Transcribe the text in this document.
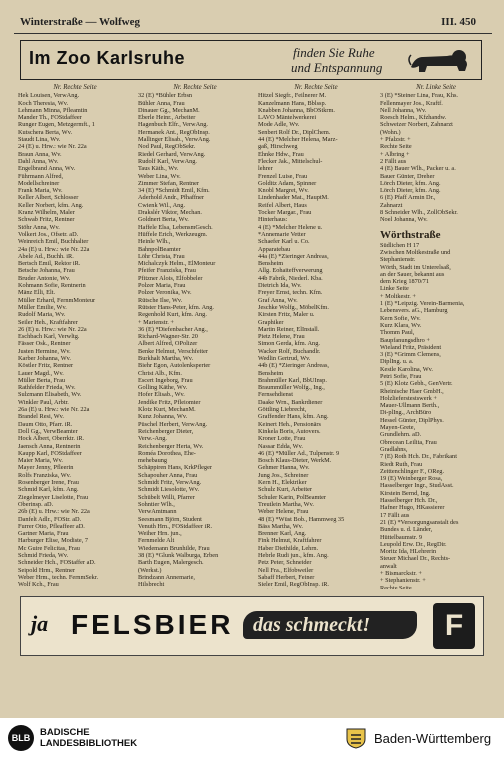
Winterstraße — Wolfweg	III. 450
Im Zoo Karlsruhe	finden Sie Ruhe
und Entspannung
Nr. Rechte Seite
Hek Louisen, VerwAng.
Koch Theresia, Wv.
Lehmann Minna, Pfleamtin
Mander Th., FOStdaffeer
Runger Eugen, Metzgermft., 1
Kutschera Berta, Wv.
Staudt Lina, Wv.
24 (E) u. Hrw.: wie Nr. 22a
Braun Anna, Wv.
Dahl Anna, Wv.
Engelbrand Anna, Wv.
Führmann Alfred,
Modellschreiner
Frank Maria, Wv.
Keller Albert, Schlosser
Keller Norbert, kfm. Ang.
Kranz Wilhelm, Maler
Schwab Fritz, Rentner
Stöhr Anna, Wv.
Volkert Jos., Ofsetr. aD.
Weinreich Emil, Buchhalter
24a (E) u. Hrw.: wie Nr. 22a
Abele Ad., Buchh. iR.
Bertsch Emil, Rektor iR.
Betsche Johanna, Frau
Bruder Antonie, Wv.
Kohmann Sofie, Rentnerin
Mänz Elli, Elt.
Müller Erhard, FernmMonteur
Müller Emilie, Wv.
Rudolf Maria, Wv.
Seiler Heh., Kraftfahrer
26 (E) u. Hrw.: wie Nr. 22a
Eschbach Karl, Verwltg.
Fässer Osk., Rentner
Justen Hermine, Wv.
Karber Johanna, Wv.
Köstler Fritz, Rentner
Lauer Magd., Wv.
Müller Berta, Frau
Rathfelder Frieda, Wv.
Sulzmann Elisabeth, Wv.
Winkler Paul, Arbtr.
26a (E) u. Hrw.: wie Nr. 22a
Brandel Resi, Wv.
Daum Otto, Pfarr. iR.
Doll Gg., VerwBeamter
Hock Albert, Oberrktr. iR.
Jaensch Anna, Rentnerin
Kaupp Karl, FOStdaffeer
Maier Maria, Wv.
Mayer Jenny, Pfleerin
Rolfs Franziska, Wv.
Rosenberger Irene, Frau
Schmid Karl, kfm. Ang.
Ziegelmeyer Liselotte, Frau
Oberinsp. aD.
26b (E) u. Hrw.: wie Nr. 22a
Danfelt Adlr., FOStr. aD.
Furrer Otto, Pfleaffeer aD.
Gartner Maria, Frau
Harburger Elise, Modiste, 7
Mc Guire Felicitas, Frau
Schmid Frieda, Wv.
Schneider Hch., FOStaffer aD.
Seipold Hrm., Rentner
Weber Hrm., techn. FernmSekr.
Wolf Kch., Frau
Nr. Rechte Seite
32 (E) *Bühler Erbsn
Bühler Anna, Frau
Dinauer Gg., MechanM.
Eberle Heinr., Arbeiter
Hagenbuch Elfr., VerwAng.
Hermanek Ant., RegObInsp.
Mallinger Elisab., VerwAng.
Nod Paul, RegObSekr.
Riedel Gerhard, VerwAng.
Rudolf Karl, VerwAng.
Taus Käth., Wv.
Weber Lina, Wv.
Zimmer Stefan, Rentner
34 (E) *Schmidt Emil, Kfm.
Aderhold Andr., Pfhaffner
Cwienk Wil., Ang.
Drakslér Viktor, Mechan.
Goldnert Berta, Wv.
Haffele Elsa, LebensmGesch.
Hüffele Erich, Werkzeugm.
Heinle Wlh.,
BahnpolBeamter
Löhr Christa, Frau
Michalczyk Helm., ElMonteur
Pfeifer Franziska, Frau
Pfitzner Alois, Elfobbeler
Polzer Maria, Frau
Polzer Veronika, Wv.
Rütsche Ilse, Wv.
Rütster Hans-Peter, kfm. Ang.
Regenhold Kurt, kfm. Ang.
+ Marienstr. +
36 (E) *Diefenbacher Ang.,
Richard-Wagner-Str. 20
Albert Alfred, OPolizer
Benke Helmut, Verschfeiter
Burkhalt Martha, Wv.
Biehr Egon, Autolenksperter
Christ Alb., Kfm.
Escert Ingeborg, Frau
Golling Käthe, Wv.
Hofer Elisab., Wv.
Jendike Fritz, Pfleiomter
Klotz Kurt, MechanM.
Kunz Johanna, Wv.
Püschel Herbert, VerwAng.
Reichenberger Dieter,
Verw.-Ang.
Reichenberger Herta, Wv.
Roméa Dorothea, Ehe-
mehebaung
Schäppiren Hans, KrkPfleger
Schapouher Anna, Frau
Schmidt Fritz, VerwAng.
Schmidt Liesolotte, Wv.
Schübelt Willi, Pfarrer
Sohntier Wlh.,
VerwAmtmann
Seesmann Björn, Student
Venuth Hrn., FOStdaffeer iR.
Weiher Hrn. jun.,
Fernmelde Alt
Wiedemann Brunhilde, Frau
38 (E) *Glunk Walburga, Erben
Barth Eugen, Malergesch.
(Werkst.)
Brindzann Annemarie,
Hilsbrecht
Nr. Rechte Seite
Hitzel Siegfr., Feilnerer M.
Kanzelmann Hans, Bblssp.
Knabben Johanna, BbOStkrm.
LAVO Mäntelwerkerei
Mode Adle, Wv.
Senbert Rolf Dr., DiplChem.
44 (E) *Melcher Helena, Marz-
gaß, Hirschweg
Ehnke Hdw., Frau
Flecker Jak., Mittelschul-
lehrer
Frenzel Luise, Frau
Golditz Adam, Spinner
Knobl Margret, Wv.
Lindenhader Mat., HauptM.
Reifel Albert, Haus
Tocker Margar., Frau
Hinterhaus:
4 (E) *Melcher Helene u.
*Annemarie Vetter
Schaefer Karl u. Co.
Apparatebau
44a (E) *Zieringer Andreas,
Bensheim
Allg. Eohaiteffverwerung
44b Fabrik, Niederl. Kba.
Dietrich Ida, Wv.
Freyer Ernst, techn. Kfm.
Graf Anna, Wv.
Jeschke Wolfg., MöbelKfm.
Kirsten Fritz, Maler u.
Graphiker
Martin Reiner, ElInstall.
Pietz Helene, Frau
Simon Gerda, kfm. Ang.
Wacker Rolf, Buchandlr.
Wedlin Gertrud, Wv.
44b (E) *Zieringer Andreas,
Bensheim
Brahmüller Karl, BbUInsp.
Braummüller Wolfg., Ing.,
Fernsehdienst
Daake Wrn., Bankrdiener
Göttling Liebrecht,
Graffender Hans, kfm. Ang.
Keinert Heh., Pensionärs
Kinkela Boris, Autovers.
Kroner Lotte, Frau
Nassar Edda, Wv.
46 (E) *Müller Ad., Tulpenstr. 9
Bosch Klaus-Dieter, WerkM.
Gehmer Hanna, Wv.
Jung Jos., Schreiner
Kern H., Elektriker
Schulz Kurt, Arbeiter
Schuler Karin, PolBeamter
Treutlein Martha, Wv.
Weber Helene, Frau
48 (E) *Wüst Bob., Hammweg 35
Bäss Martha, Wv.
Brenner Karl, Ang.
Fink Helmut, Kraftfahrer
Haber Diethilde, Lehrn.
Hebrle Rudi jun., kfm. Ang.
Petz Peter, Schneider
Nell Fra., Elfobweiler
Sabaff Herbert, Feiner
Sieler Emil, RegObInsp. iR.
Nr. Linke Seite
3 (E) *Steiner Lina, Frau, Khs.
Fellenmayer Jos., Kraftf.
Nell Johanna, Wv.
Roesch Helm., Kfzhandw.
Schweizer Norbert, Zahnarzt
(Wohn.)
+ Pfalzstr. +
Rechte Seite
+ Albring +
2 Fällt aus
4 (E) Bauer Wlh., Packer u. a.
Bauer Günter, Dreher
Lörch Dieter, kfm. Ang.
Lörch Dieter, kfm. Ang.
6 (E) Pfaff Armin Dr.,
Zahnarzt
8 Schneider Wlh., ZollObSekr.
Noel Johanna, Wv.
Wörthstraße
Südlichen H 17
Zwischen Moltkestraße und
Stephanienstr.
Wörth, Stadt im Unterelsaß,
an der Sauer, bekannt aus
dem Krieg 1870/71
Linke Seite
+ Moltkestr. +
1 (E) *Leipzig. Verein-Barmenia,
Lebensvers. aG., Hamburg
Kern Sofie, Wv.
Kurz Klara, Wv.
Thomm Paul,
Baupfanungsdhro +
Wieland Fritz, Präsident
3 (E) *Grimm Clemens,
DiplIng. u. a.
Kestle Karolina, Wv.
Petri Sofie, Frau
5 (E) Klotz Gebh., GenVertr.
Rheinische Haer GmbH.,
Holzlieferstestswerk +
Mauer-Ullmann Berth.,
Di-plIng., ArchBüro
Hessel Günter, DiplPhys.
Mayen-Grete,
Grundlehrn. aD.
Obrecean Leilita, Frau
Gradlahns,
7 (E) Roth Hch. Dr., Fabrikant
Riedt Ruth, Frau
Zeittenchlinger F., OReg.
19 (E) Weinberger Rosa,
Hasselberger Ingr., StudAsst.
Kirstein Bernd, Ing.
Hasselberger Hch. Dr.,
Hafner Hugo, HKassierer
17 Fällt aus
21 (E) *Versorgungsanstalt des
Bundes u. d. Länder,
Hüttelbaumstr. 9
Leupold Erw. Dr., RegDir.
Moritz Ida, HLehrerin
Steuer Michael Dr., Rechts-
anwalt
+ Bismarckstr. +
+ Stephanienstr. +
Rechte Seite
ja FELSBIER das schmeckt!	F
BLB	BADISCHE
LANDESBIBLIOTHEK	Baden-Württemberg
